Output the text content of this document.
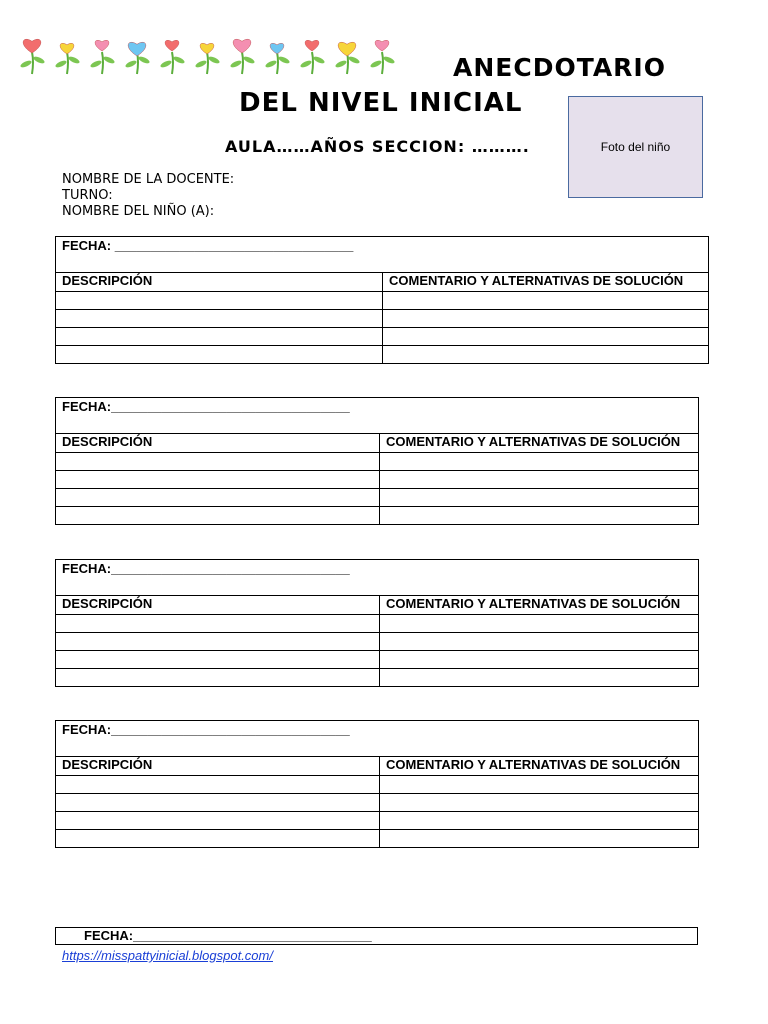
ANECDOTARIO
DEL NIVEL INICIAL
AULA……AÑOS SECCION: ……….	Foto del niño
NOMBRE DE LA DOCENTE:
TURNO:
NOMBRE DEL NIÑO (A):
FECHA: _________________________________	
DESCRIPCIÓN	COMENTARIO Y ALTERNATIVAS DE SOLUCIÓN

FECHA:_________________________________	
DESCRIPCIÓN	COMENTARIO Y ALTERNATIVAS DE SOLUCIÓN

FECHA:_________________________________	
DESCRIPCIÓN	COMENTARIO Y ALTERNATIVAS DE SOLUCIÓN

FECHA:_________________________________	
DESCRIPCIÓN	COMENTARIO Y ALTERNATIVAS DE SOLUCIÓN

FECHA:_________________________________
https://misspattyinicial.blogspot.com/
